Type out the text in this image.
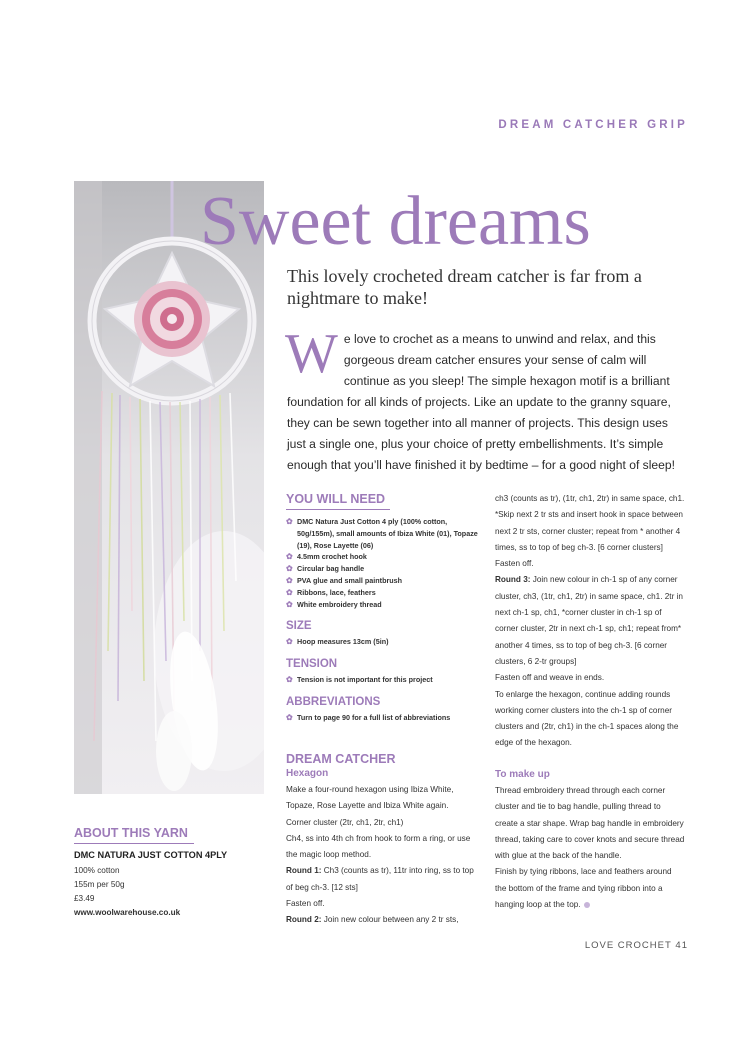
DREAM CATCHER GRIP
Sweet dreams
This lovely crocheted dream catcher is far from a nightmare to make!
We love to crochet as a means to unwind and relax, and this gorgeous dream catcher ensures your sense of calm will continue as you sleep! The simple hexagon motif is a brilliant foundation for all kinds of projects. Like an update to the granny square, they can be sewn together into all manner of projects. This design uses just a single one, plus your choice of pretty embellishments. It’s simple enough that you’ll have finished it by bedtime – for a good night of sleep!
YOU WILL NEED
✿ DMC Natura Just Cotton 4 ply (100% cotton, 50g/155m), small amounts of Ibiza White (01), Topaze (19), Rose Layette (06)
✿ 4.5mm crochet hook
✿ Circular bag handle
✿ PVA glue and small paintbrush
✿ Ribbons, lace, feathers
✿ White embroidery thread
SIZE
✿ Hoop measures 13cm (5in)
TENSION
✿ Tension is not important for this project
ABBREVIATIONS
✿ Turn to page 90 for a full list of abbreviations
DREAM CATCHER
Hexagon

Make a four-round hexagon using Ibiza White, Topaze, Rose Layette and Ibiza White again.

Corner cluster (2tr, ch1, 2tr, ch1)

Ch4, ss into 4th ch from hook to form a ring, or use the magic loop method.

Round 1: Ch3 (counts as tr), 11tr into ring, ss to top of beg ch-3. [12 sts]

Fasten off.

Round 2: Join new colour between any 2 tr sts,

ch3 (counts as tr), (1tr, ch1, 2tr) in same space, ch1. *Skip next 2 tr sts and insert hook in space between next 2 tr sts, corner cluster; repeat from * another 4 times, ss to top of beg ch-3. [6 corner clusters]

Fasten off.

Round 3: Join new colour in ch-1 sp of any corner cluster, ch3, (1tr, ch1, 2tr) in same space, ch1. 2tr in next ch-1 sp, ch1, *corner cluster in ch-1 sp of corner cluster, 2tr in next ch-1 sp, ch1; repeat from* another 4 times, ss to top of beg ch-3. [6 corner clusters, 6 2-tr groups]

Fasten off and weave in ends.

To enlarge the hexagon, continue adding rounds working corner clusters into the ch-1 sp of corner clusters and (2tr, ch1) in the ch-1 spaces along the edge of the hexagon.

To make up

Thread embroidery thread through each corner cluster and tie to bag handle, pulling thread to create a star shape. Wrap bag handle in embroidery thread, taking care to cover knots and secure thread with glue at the back of the handle.

Finish by tying ribbons, lace and feathers around the bottom of the frame and tying ribbon into a hanging loop at the top.

ABOUT THIS YARN
DMC NATURA JUST COTTON 4PLY
100% cotton
155m per 50g
£3.49
www.woolwarehouse.co.uk
LOVE CROCHET 41
